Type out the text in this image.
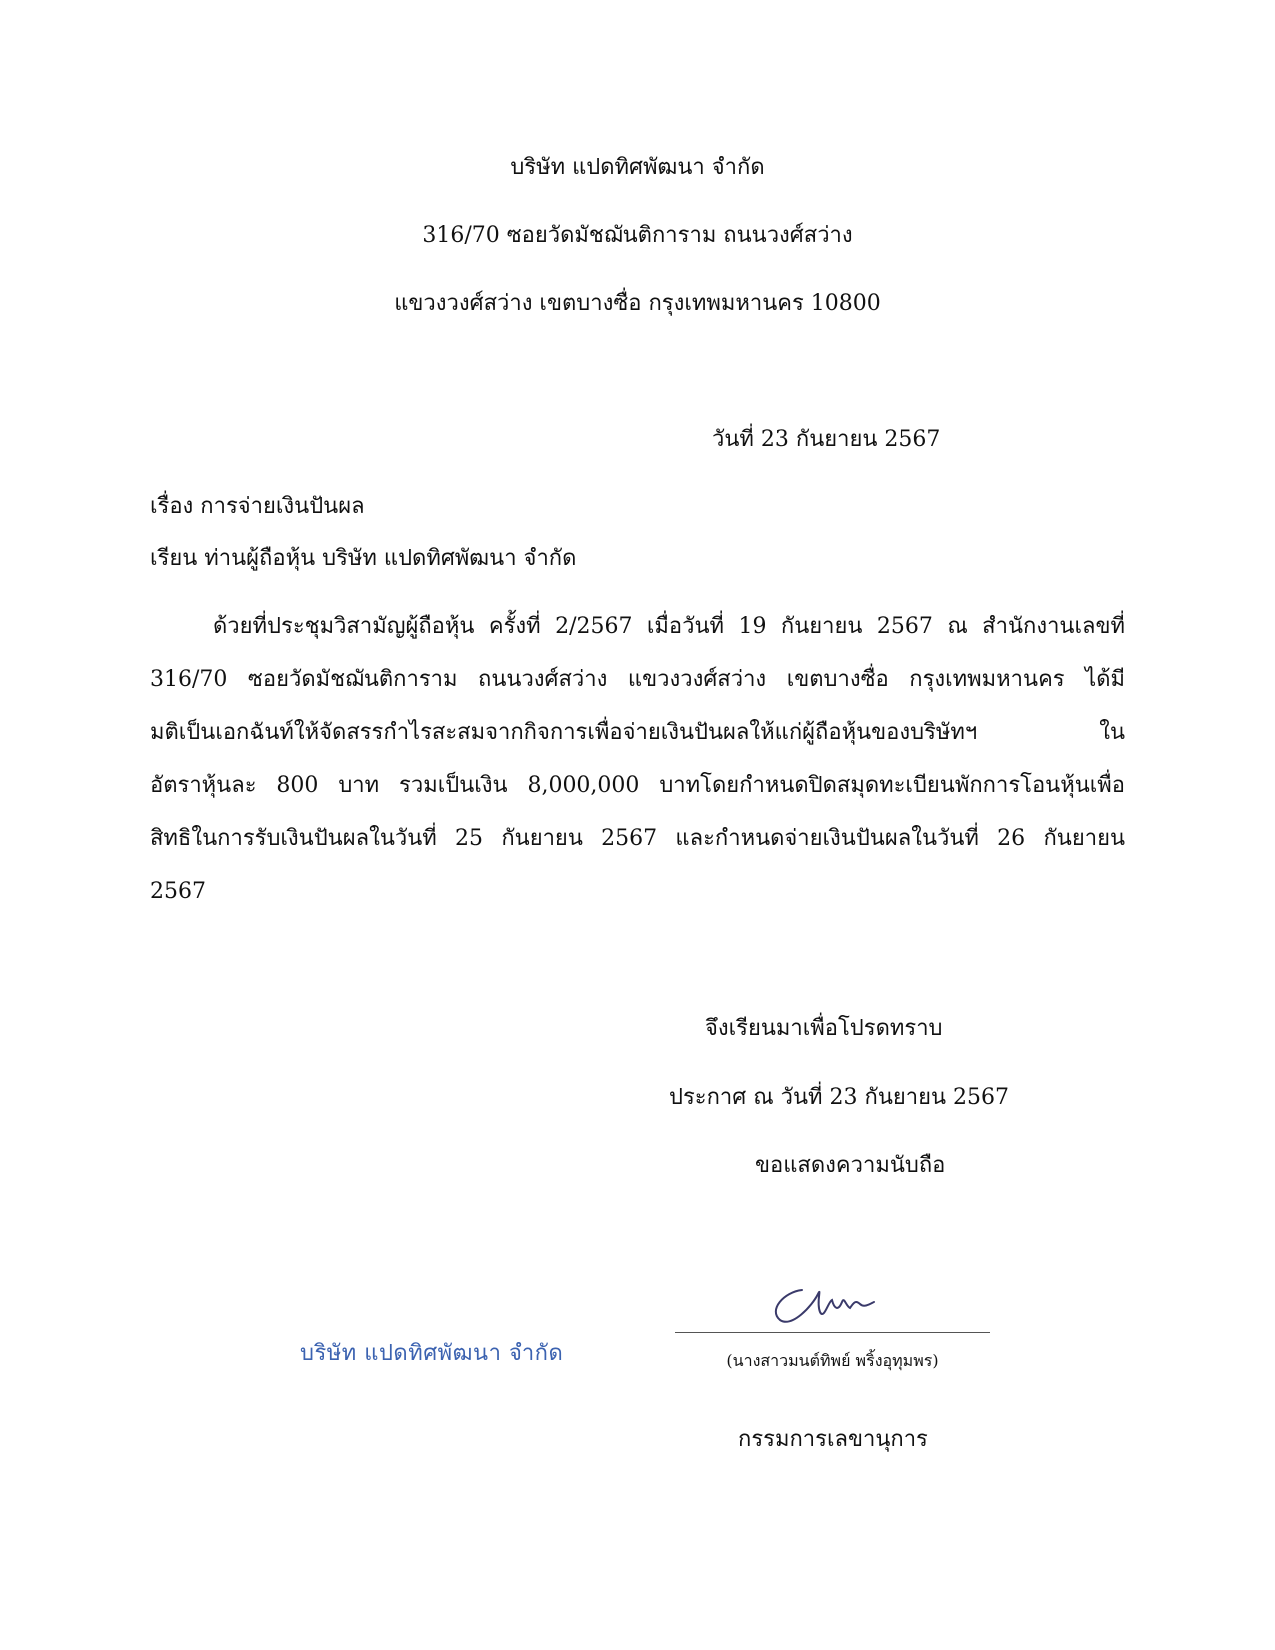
บริษัท แปดทิศพัฒนา จำกัด
316/70 ซอยวัดมัชฌันติการาม ถนนวงศ์สว่าง
แขวงวงศ์สว่าง เขตบางซื่อ กรุงเทพมหานคร 10800
วันที่ 23 กันยายน 2567
เรื่อง การจ่ายเงินปันผล
เรียน ท่านผู้ถือหุ้น บริษัท แปดทิศพัฒนา จำกัด
ด้วยที่ประชุมวิสามัญผู้ถือหุ้น ครั้งที่ 2/2567 เมื่อวันที่ 19 กันยายน 2567 ณ สำนักงานเลขที่
316/70 ซอยวัดมัชฌันติการาม ถนนวงศ์สว่าง แขวงวงศ์สว่าง เขตบางซื่อ กรุงเทพมหานคร ได้มี
มติเป็นเอกฉันท์ให้จัดสรรกำไรสะสมจากกิจการเพื่อจ่ายเงินปันผลให้แก่ผู้ถือหุ้นของบริษัทฯ ใน
อัตราหุ้นละ 800 บาท รวมเป็นเงิน 8,000,000 บาทโดยกำหนดปิดสมุดทะเบียนพักการโอนหุ้นเพื่อ
สิทธิในการรับเงินปันผลในวันที่ 25 กันยายน 2567 และกำหนดจ่ายเงินปันผลในวันที่ 26 กันยายน
2567
จึงเรียนมาเพื่อโปรดทราบ
ประกาศ ณ วันที่ 23 กันยายน 2567
ขอแสดงความนับถือ
บริษัท แปดทิศพัฒนา จำกัด	(นางสาวมนต์ทิพย์ พริ้งอุทุมพร)
กรรมการเลขานุการ
